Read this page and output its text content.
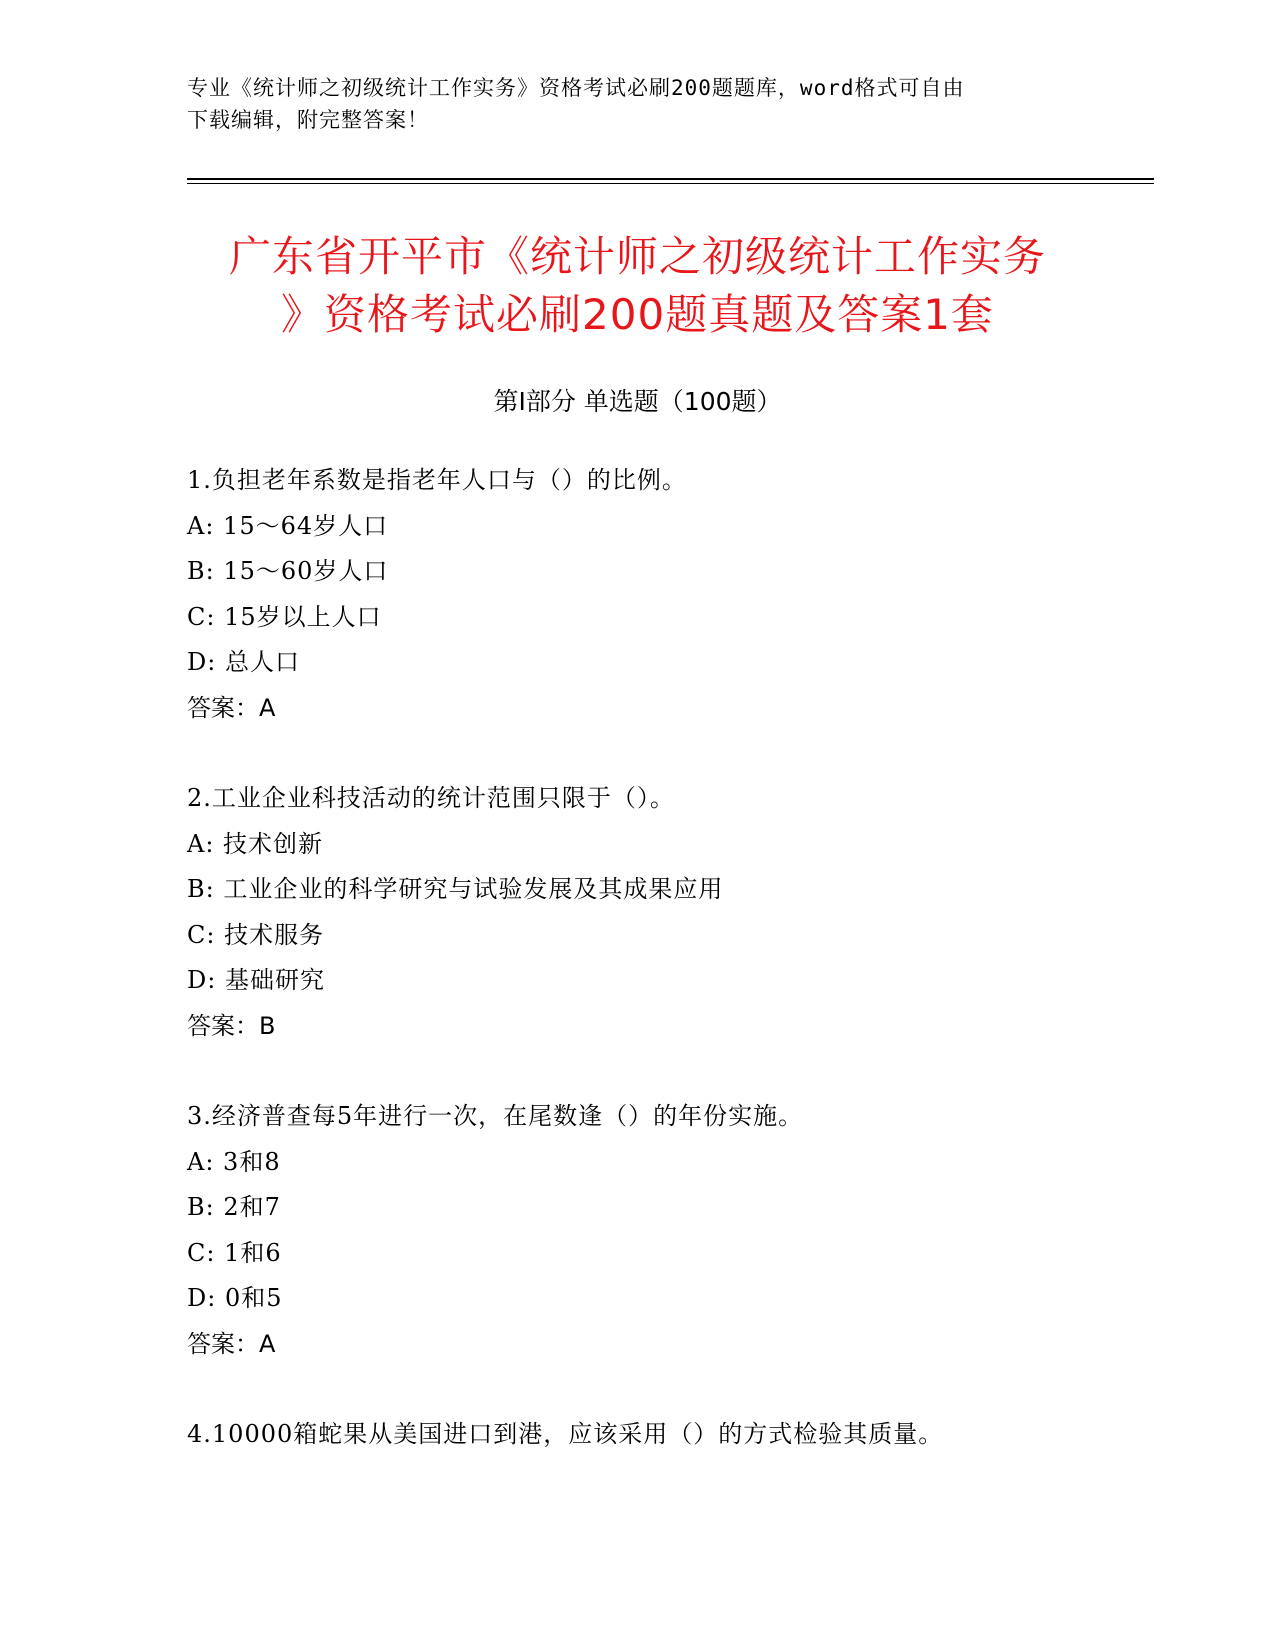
专业《统计师之初级统计工作实务》资格考试必刷200题题库，word格式可自由
下载编辑，附完整答案！
广东省开平市《统计师之初级统计工作实务
》资格考试必刷200题真题及答案1套
第Ⅰ部分 单选题（100题）
1.负担老年系数是指老年人口与（）的比例。
A: 15～64岁人口
B: 15～60岁人口
C: 15岁以上人口
D: 总人口
答案：A
2.工业企业科技活动的统计范围只限于（）。
A: 技术创新
B: 工业企业的科学研究与试验发展及其成果应用
C: 技术服务
D: 基础研究
答案：B
3.经济普查每5年进行一次，在尾数逢（）的年份实施。
A: 3和8
B: 2和7
C: 1和6
D: 0和5
答案：A
4.10000箱蛇果从美国进口到港，应该采用（）的方式检验其质量。
